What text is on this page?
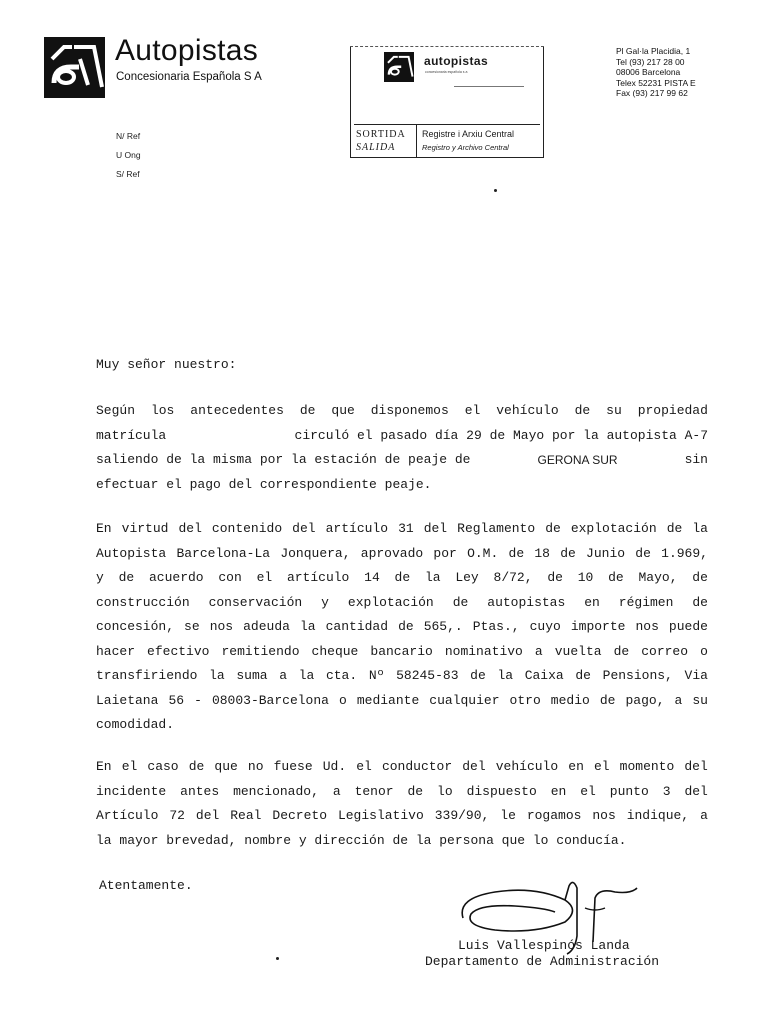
Autopistas
Concesionaria Española S A
Pl Gal·la Placidia, 1
Tel (93) 217 28 00
08006 Barcelona
Telex 52231 PISTA E
Fax (93) 217 99 62
N/ Ref
U Ong
S/ Ref
autopistas
concesionaria española s a
SORTIDA
SALIDA
Registre i Arxiu Central
Registro y Archivo Central
Muy señor nuestro:
Según los antecedentes de que disponemos el vehículo de su propiedad
matrícula	circuló el pasado día 29 de Mayo por la autopista A-7
saliendo de la misma por la estación de peaje de	GERONA SUR	sin
efectuar el pago del correspondiente peaje.
En virtud del contenido del artículo 31 del Reglamento de explotación de la
Autopista Barcelona-La Jonquera, aprovado por O.M. de 18 de Junio de 1.969,
y de acuerdo con el artículo 14 de la Ley 8/72, de 10 de Mayo, de
construcción conservación y explotación de autopistas en régimen de
concesión, se nos adeuda la cantidad de 565,. Ptas., cuyo importe nos puede
hacer efectivo remitiendo cheque bancario nominativo a vuelta de correo o
transfiriendo la suma a la cta. Nº 58245-83 de la Caixa de Pensions, Via
Laietana 56 - 08003-Barcelona o mediante cualquier otro medio de pago, a su
comodidad.
En el caso de que no fuese Ud. el conductor del vehículo en el momento del
incidente antes mencionado, a tenor de lo dispuesto en el punto 3 del
Artículo 72 del Real Decreto Legislativo 339/90, le rogamos nos indique, a
la mayor brevedad, nombre y dirección de la persona que lo conducía.
Atentamente.
Luis Vallespinós Landa
Departamento de Administración
